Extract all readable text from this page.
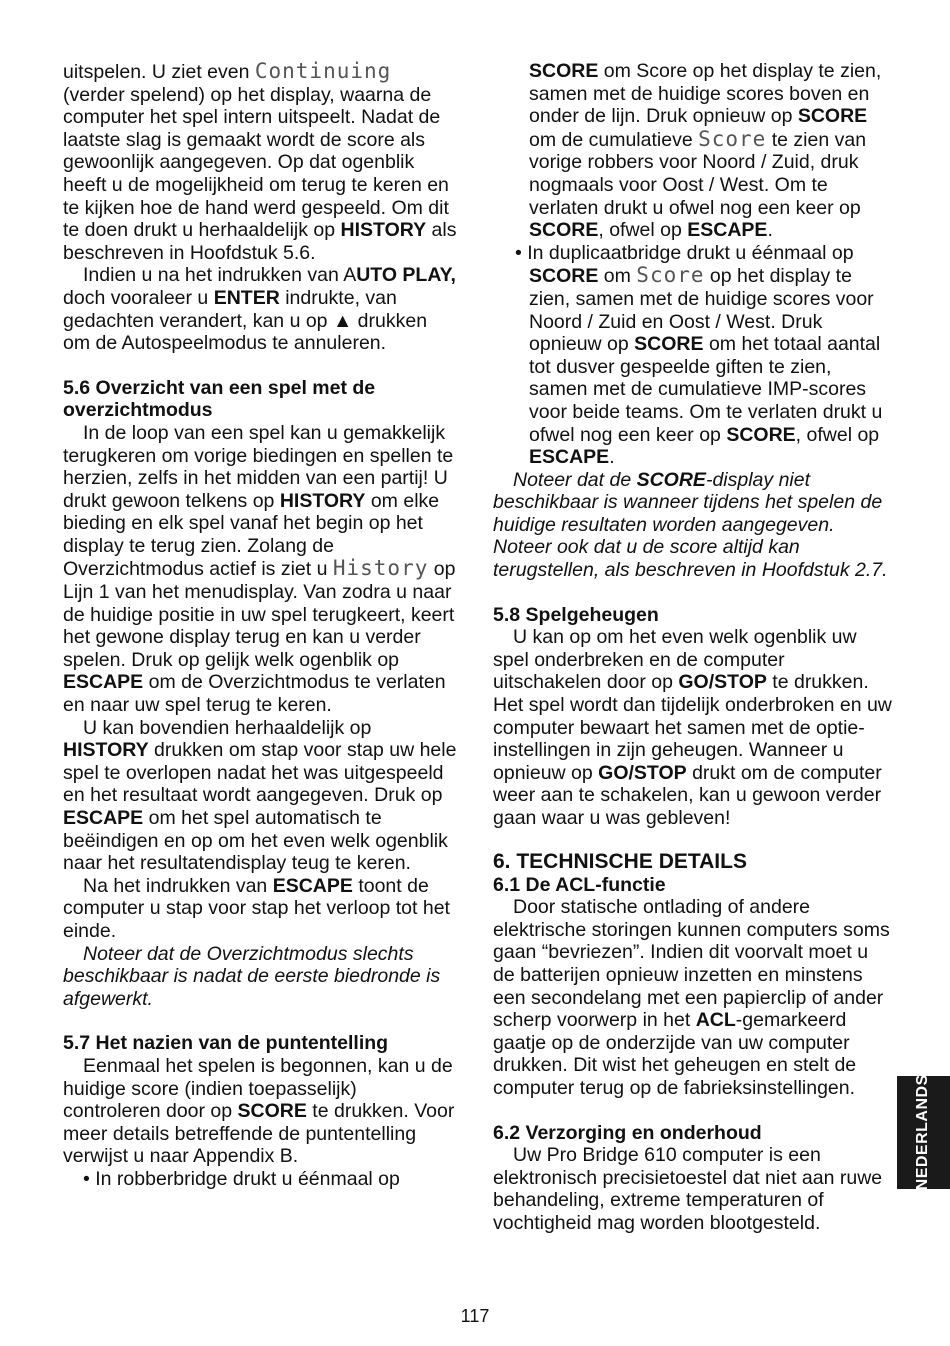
uitspelen. U ziet even Continuing (verder spelend) op het display, waarna de computer het spel intern uitspeelt. Nadat de laatste slag is gemaakt wordt de score als gewoonlijk aangegeven. Op dat ogenblik heeft u de mogelijkheid om terug te keren en te kijken hoe de hand werd gespeeld. Om dit te doen drukt u herhaaldelijk op HISTORY als beschreven in Hoofdstuk 5.6.

Indien u na het indrukken van AUTO PLAY, doch vooraleer u ENTER indrukte, van gedachten verandert, kan u op ▲ drukken om de Autospeelmodus te annuleren.

5.6 Overzicht van een spel met de overzichtmodus

In de loop van een spel kan u gemakkelijk terugkeren om vorige biedingen en spellen te herzien, zelfs in het midden van een partij! U drukt gewoon telkens op HISTORY om elke bieding en elk spel vanaf het begin op het display te terug zien. Zolang de Overzichtmodus actief is ziet u History op Lijn 1 van het menudisplay. Van zodra u naar de huidige positie in uw spel terugkeert, keert het gewone display terug en kan u verder spelen. Druk op gelijk welk ogenblik op ESCAPE om de Overzichtmodus te verlaten en naar uw spel terug te keren.

U kan bovendien herhaaldelijk op HISTORY drukken om stap voor stap uw hele spel te overlopen nadat het was uitgespeeld en het resultaat wordt aangegeven. Druk op ESCAPE om het spel automatisch te beëindigen en op om het even welk ogenblik naar het resultatendisplay teug te keren.

Na het indrukken van ESCAPE toont de computer u stap voor stap het verloop tot het einde.

Noteer dat de Overzichtmodus slechts beschikbaar is nadat de eerste biedronde is afgewerkt.

5.7 Het nazien van de puntentelling

Eenmaal het spelen is begonnen, kan u de huidige score (indien toepasselijk) controleren door op SCORE te drukken. Voor meer details betreffende de puntentelling verwijst u naar Appendix B.

• In robberbridge drukt u éénmaal op

SCORE om Score op het display te zien, samen met de huidige scores boven en onder de lijn. Druk opnieuw op SCORE om de cumulatieve Score te zien van vorige robbers voor Noord / Zuid, druk nogmaals voor Oost / West. Om te verlaten drukt u ofwel nog een keer op SCORE, ofwel op ESCAPE.

• In duplicaatbridge drukt u éénmaal op SCORE om Score op het display te zien, samen met de huidige scores voor Noord / Zuid en Oost / West. Druk opnieuw op SCORE om het totaal aantal tot dusver gespeelde giften te zien, samen met de cumulatieve IMP-scores voor beide teams. Om te verlaten drukt u ofwel nog een keer op SCORE, ofwel op ESCAPE.

Noteer dat de SCORE-display niet beschikbaar is wanneer tijdens het spelen de huidige resultaten worden aangegeven. Noteer ook dat u de score altijd kan terugstellen, als beschreven in Hoofdstuk 2.7.

5.8 Spelgeheugen

U kan op om het even welk ogenblik uw spel onderbreken en de computer uitschakelen door op GO/STOP te drukken. Het spel wordt dan tijdelijk onderbroken en uw computer bewaart het samen met de optie-instellingen in zijn geheugen. Wanneer u opnieuw op GO/STOP drukt om de computer weer aan te schakelen, kan u gewoon verder gaan waar u was gebleven!

6. TECHNISCHE DETAILS

6.1 De ACL-functie

Door statische ontlading of andere elektrische storingen kunnen computers soms gaan “bevriezen”. Indien dit voorvalt moet u de batterijen opnieuw inzetten en minstens een secondelang met een papierclip of ander scherp voorwerp in het ACL-gemarkeerd gaatje op de onderzijde van uw computer drukken. Dit wist het geheugen en stelt de computer terug op de fabrieksinstellingen.

6.2 Verzorging en onderhoud

Uw Pro Bridge 610 computer is een elektronisch precisietoestel dat niet aan ruwe behandeling, extreme temperaturen of vochtigheid mag worden blootgesteld.

NEDERLANDS
117
